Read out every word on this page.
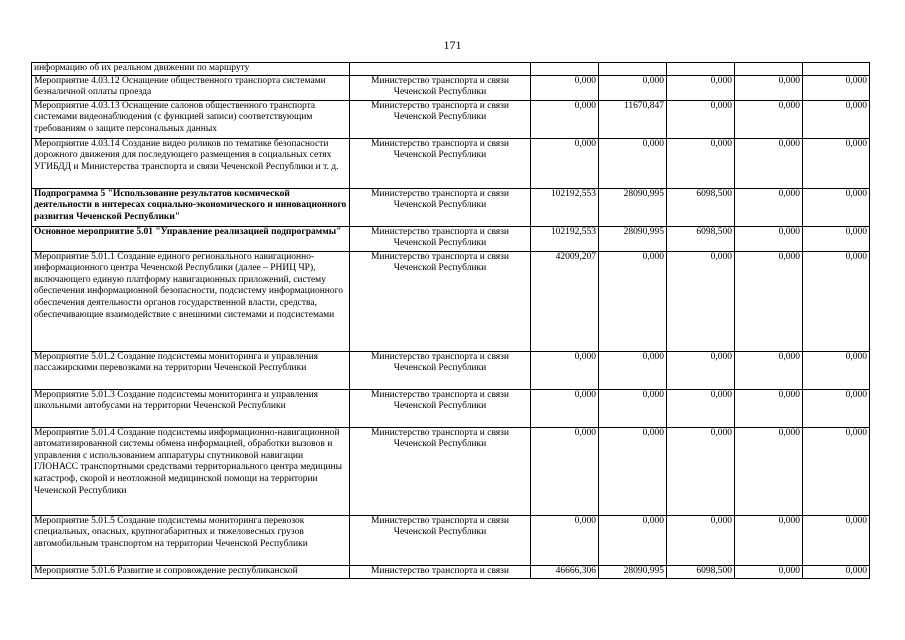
171
информацию об их реальном движении по маршруту						
Мероприятие 4.03.12 Оснащение общественного транспорта системами безналичной оплаты проезда	Министерство транспорта и связи Чеченской Республики	0,000	0,000	0,000	0,000	0,000
Мероприятие 4.03.13 Оснащение салонов общественного транспорта системами видеонаблюдения (с функцией записи) соответствующим требованиям о защите персональных данных	Министерство транспорта и связи Чеченской Республики	0,000	11670,847	0,000	0,000	0,000
Мероприятие 4.03.14 Создание видео роликов по тематике безопасности дорожного движения для последующего размещения в социальных сетях УГИБДД и Министерства транспорта и связи Чеченской Республики и т. д.	Министерство транспорта и связи Чеченской Республики	0,000	0,000	0,000	0,000	0,000
Подпрограмма 5 "Использование результатов космической деятельности в интересах социально-экономического и инновационного развития Чеченской Республики"	Министерство транспорта и связи Чеченской Республики	102192,553	28090,995	6098,500	0,000	0,000
Основное мероприятие 5.01 "Управление реализацией подпрограммы"	Министерство транспорта и связи Чеченской Республики	102192,553	28090,995	6098,500	0,000	0,000
Мероприятие 5.01.1 Создание единого регионального навигационно-информационного центра Чеченской Республики (далее – РНИЦ ЧР), включающего единую платформу навигационных приложений, систему обеспечения информационной безопасности, подсистему информационного обеспечения деятельности органов государственной власти, средства, обеспечивающие взаимодействие с внешними системами и подсистемами	Министерство транспорта и связи Чеченской Республики	42009,207	0,000	0,000	0,000	0,000
Мероприятие 5.01.2 Создание подсистемы мониторинга и управления пассажирскими перевозками на территории Чеченской Республики	Министерство транспорта и связи Чеченской Республики	0,000	0,000	0,000	0,000	0,000
Мероприятие 5.01.3 Создание подсистемы мониторинга и управления школьными автобусами на территории Чеченской Республики	Министерство транспорта и связи Чеченской Республики	0,000	0,000	0,000	0,000	0,000
Мероприятие 5.01.4 Создание подсистемы информационно-навигационной автоматизированной системы обмена информацией, обработки вызовов и управления с использованием аппаратуры спутниковой навигации ГЛОНАСС транспортными средствами территориального центра медицины катастроф, скорой и неотложной медицинской помощи на территории Чеченской Республики	Министерство транспорта и связи Чеченской Республики	0,000	0,000	0,000	0,000	0,000
Мероприятие 5.01.5 Создание подсистемы мониторинга перевозок специальных, опасных, крупногабаритных и тяжеловесных грузов автомобильным транспортом на территории Чеченской Республики	Министерство транспорта и связи Чеченской Республики	0,000	0,000	0,000	0,000	0,000
Мероприятие 5.01.6 Развитие и сопровождение республиканской	Министерство транспорта и связи	46666,306	28090,995	6098,500	0,000	0,000
